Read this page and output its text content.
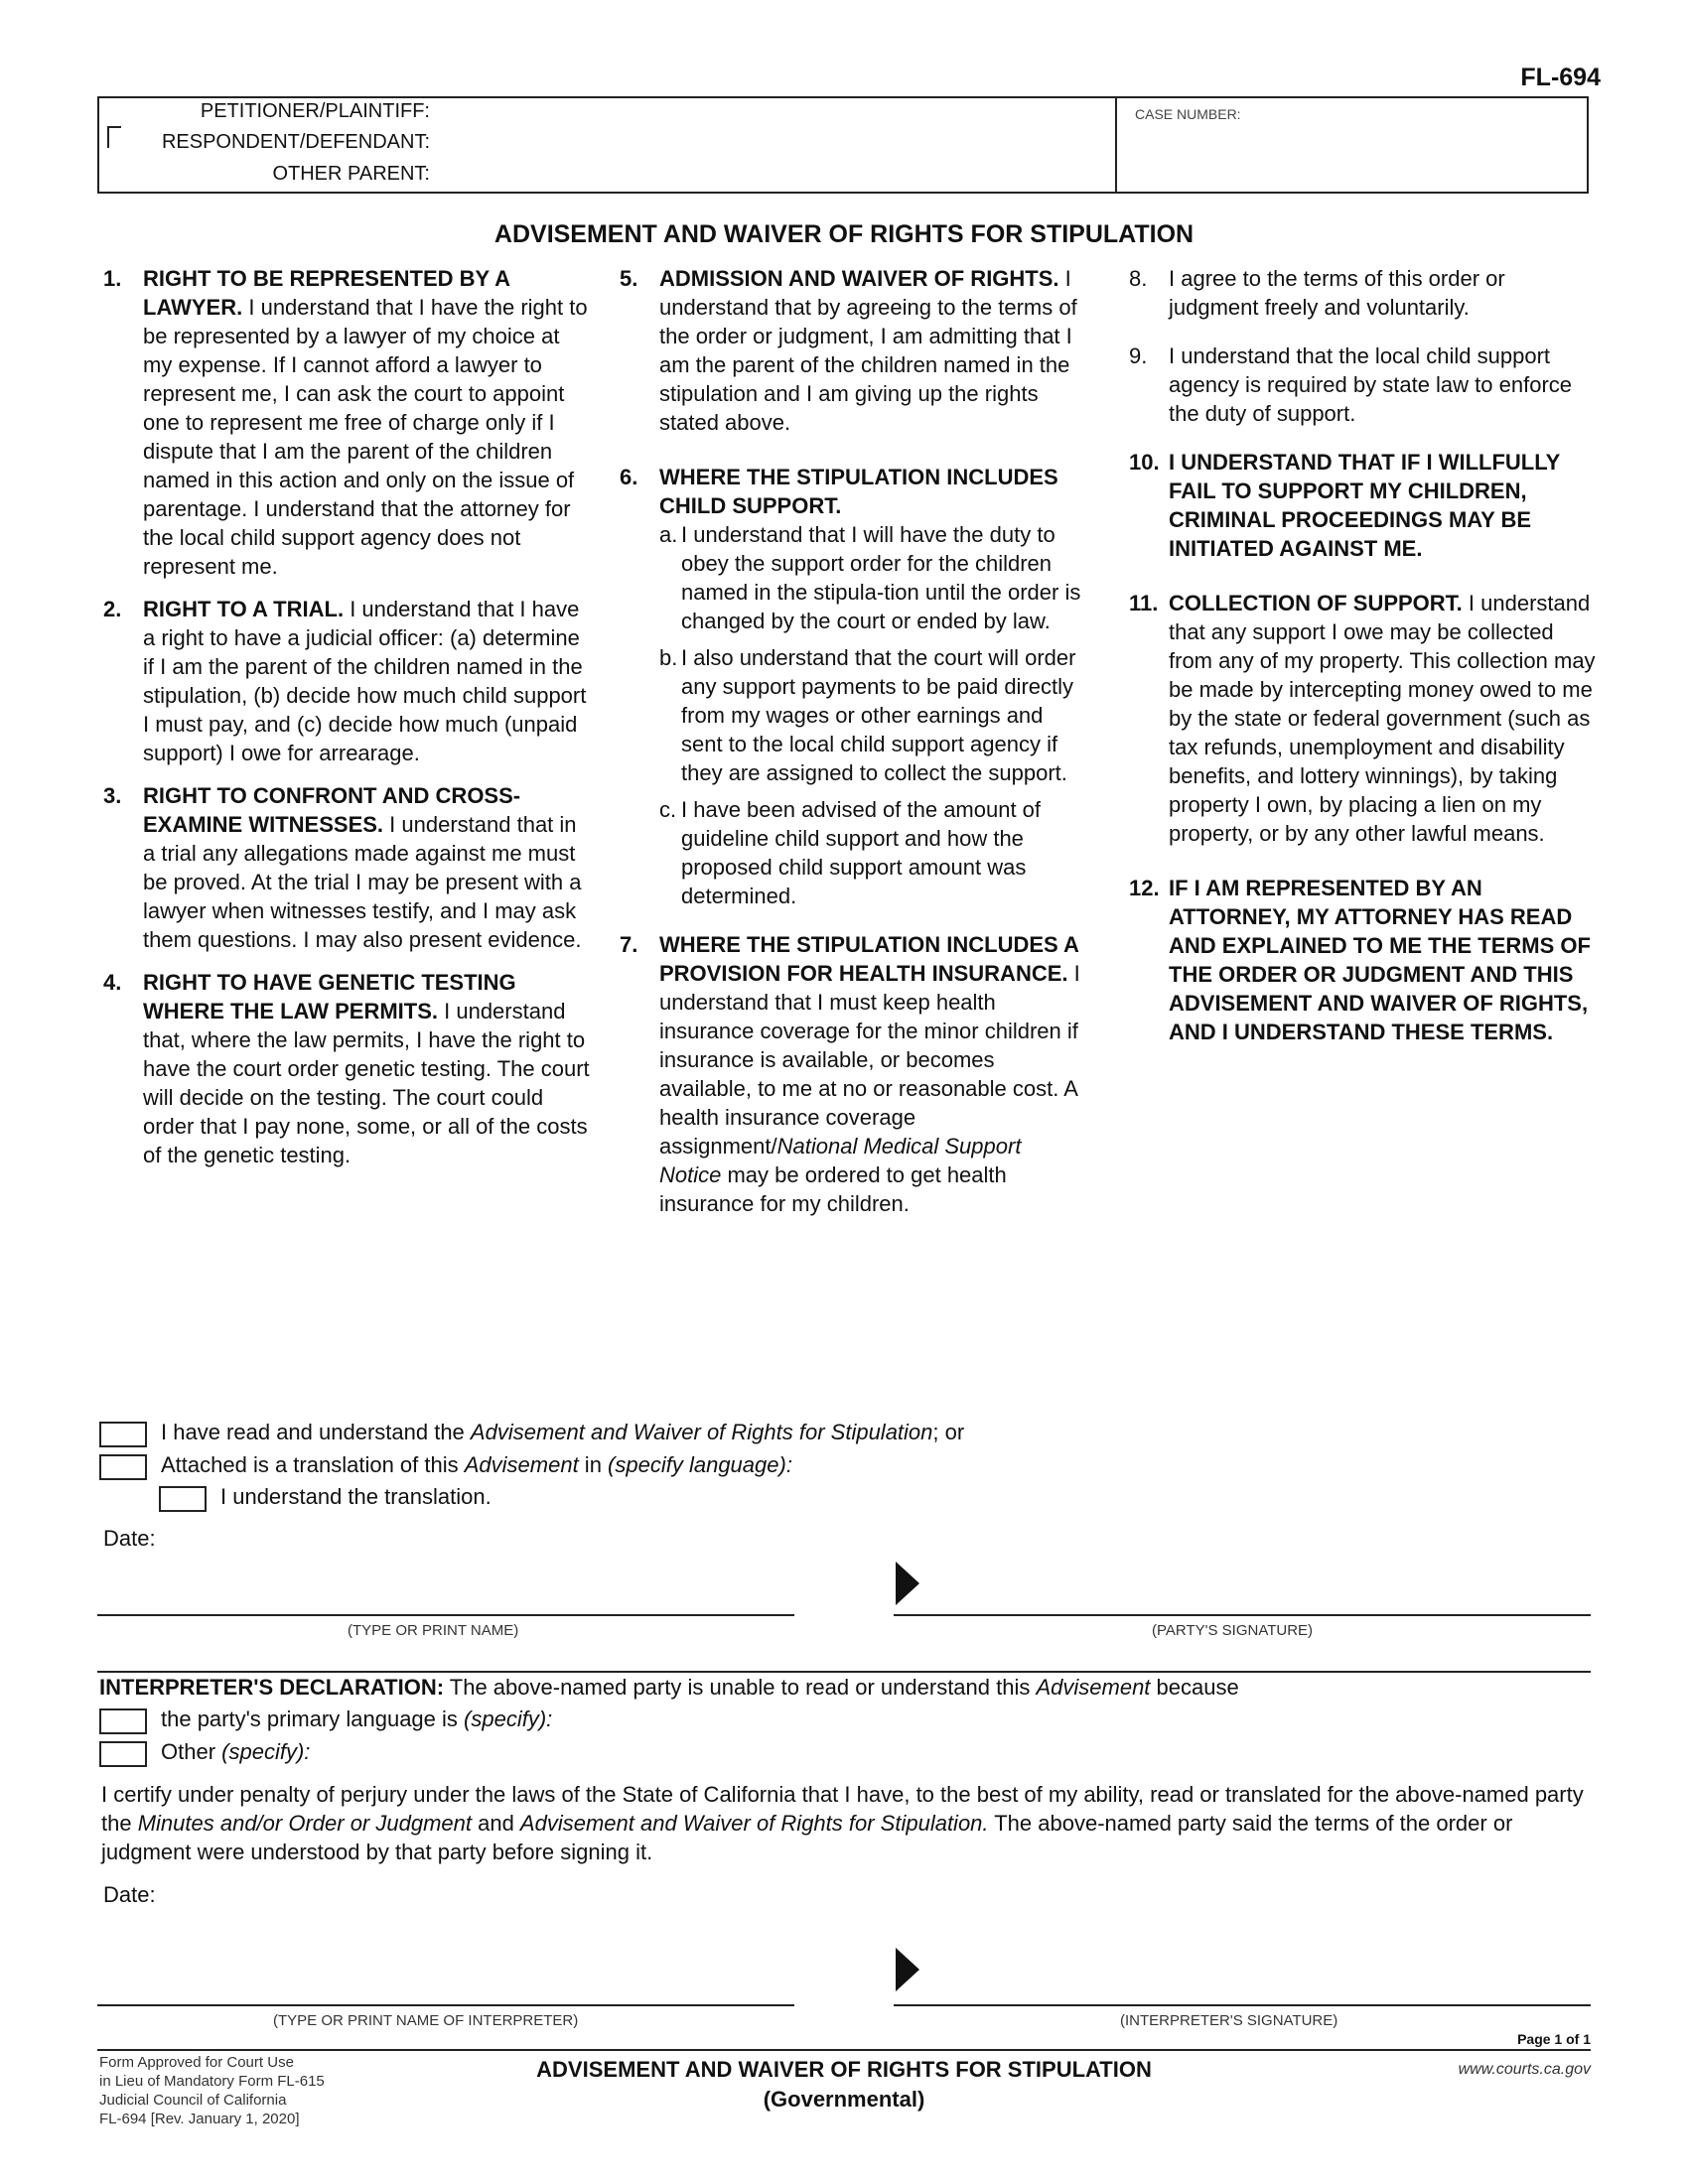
FL-694
PETITIONER/PLAINTIFF:
RESPONDENT/DEFENDANT:
OTHER PARENT:
CASE NUMBER:
ADVISEMENT AND WAIVER OF RIGHTS FOR STIPULATION
1. RIGHT TO BE REPRESENTED BY A LAWYER. I understand that I have the right to be represented by a lawyer of my choice at my expense. If I cannot afford a lawyer to represent me, I can ask the court to appoint one to represent me free of charge only if I dispute that I am the parent of the children named in this action and only on the issue of parentage. I understand that the attorney for the local child support agency does not represent me.
2. RIGHT TO A TRIAL. I understand that I have a right to have a judicial officer: (a) determine if I am the parent of the children named in the stipulation, (b) decide how much child support I must pay, and (c) decide how much (unpaid support) I owe for arrearage.
3. RIGHT TO CONFRONT AND CROSS-EXAMINE WITNESSES. I understand that in a trial any allegations made against me must be proved. At the trial I may be present with a lawyer when witnesses testify, and I may ask them questions. I may also present evidence.
4. RIGHT TO HAVE GENETIC TESTING WHERE THE LAW PERMITS. I understand that, where the law permits, I have the right to have the court order genetic testing. The court will decide on the testing. The court could order that I pay none, some, or all of the costs of the genetic testing.
5. ADMISSION AND WAIVER OF RIGHTS. I understand that by agreeing to the terms of the order or judgment, I am admitting that I am the parent of the children named in the stipulation and I am giving up the rights stated above.
6. WHERE THE STIPULATION INCLUDES CHILD SUPPORT.
a. I understand that I will have the duty to obey the support order for the children named in the stipula-tion until the order is changed by the court or ended by law.
b. I also understand that the court will order any support payments to be paid directly from my wages or other earnings and sent to the local child support agency if they are assigned to collect the support.
c. I have been advised of the amount of guideline child support and how the proposed child support amount was determined.
7. WHERE THE STIPULATION INCLUDES A PROVISION FOR HEALTH INSURANCE. I understand that I must keep health insurance coverage for the minor children if insurance is available, or becomes available, to me at no or reasonable cost. A health insurance coverage assignment/National Medical Support Notice may be ordered to get health insurance for my children.
8. I agree to the terms of this order or judgment freely and voluntarily.
9. I understand that the local child support agency is required by state law to enforce the duty of support.
10. I UNDERSTAND THAT IF I WILLFULLY FAIL TO SUPPORT MY CHILDREN, CRIMINAL PROCEEDINGS MAY BE INITIATED AGAINST ME.
11. COLLECTION OF SUPPORT. I understand that any support I owe may be collected from any of my property. This collection may be made by intercepting money owed to me by the state or federal government (such as tax refunds, unemployment and disability benefits, and lottery winnings), by taking property I own, by placing a lien on my property, or by any other lawful means.
12. IF I AM REPRESENTED BY AN ATTORNEY, MY ATTORNEY HAS READ AND EXPLAINED TO ME THE TERMS OF THE ORDER OR JUDGMENT AND THIS ADVISEMENT AND WAIVER OF RIGHTS, AND I UNDERSTAND THESE TERMS.
I have read and understand the Advisement and Waiver of Rights for Stipulation; or
Attached is a translation of this Advisement in (specify language):
I understand the translation.
Date:
(TYPE OR PRINT NAME)	(PARTY'S SIGNATURE)
INTERPRETER'S DECLARATION: The above-named party is unable to read or understand this Advisement because
the party's primary language is (specify):
Other (specify):
I certify under penalty of perjury under the laws of the State of California that I have, to the best of my ability, read or translated for the above-named party the Minutes and/or Order or Judgment and Advisement and Waiver of Rights for Stipulation. The above-named party said the terms of the order or judgment were understood by that party before signing it.
Date:
(TYPE OR PRINT NAME OF INTERPRETER)	(INTERPRETER'S SIGNATURE)
Page 1 of 1
Form Approved for Court Use
in Lieu of Mandatory Form FL-615
Judicial Council of California
FL-694 [Rev. January 1, 2020]
ADVISEMENT AND WAIVER OF RIGHTS FOR STIPULATION
(Governmental)
www.courts.ca.gov
